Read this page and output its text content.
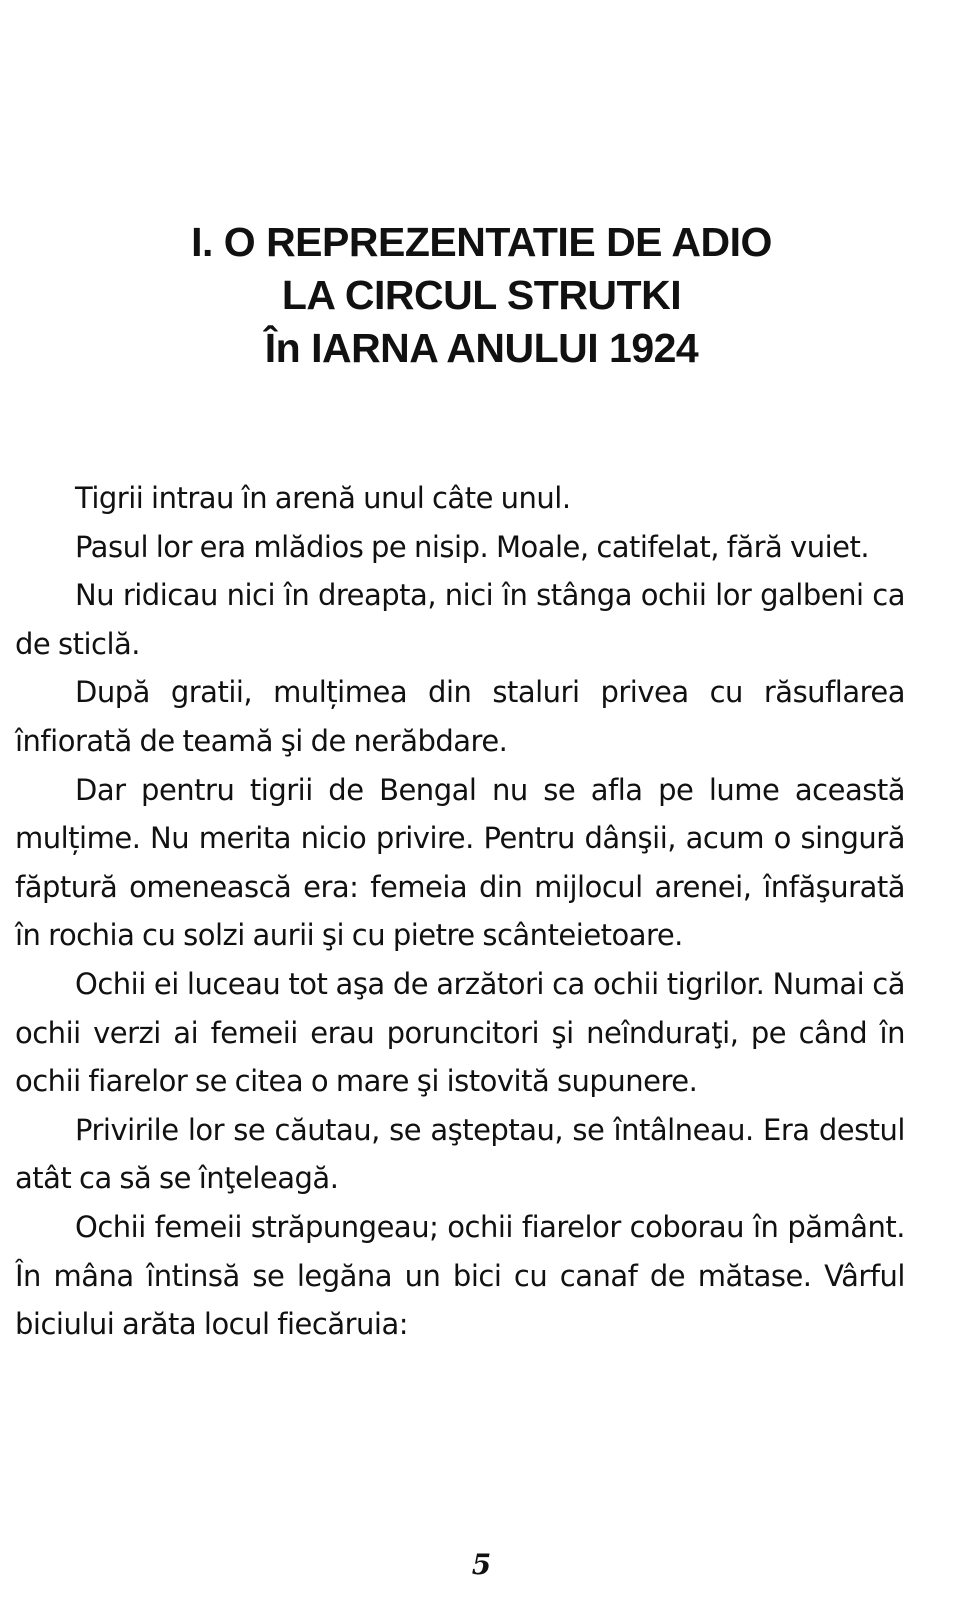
I. O REPREZENTATIE DE ADIO
LA CIRCUL STRUTKI
În IARNA ANULUI 1924

Tigrii intrau în arenă unul câte unul.

Pasul lor era mlădios pe nisip. Moale, catifelat, fără vuiet.

Nu ridicau nici în dreapta, nici în stânga ochii lor galbeni ca de sticlă.

După gratii, mulțimea din staluri privea cu răsuflarea înfiorată de teamă şi de nerăbdare.

Dar pentru tigrii de Bengal nu se afla pe lume această mulțime. Nu merita nicio privire. Pentru dânşii, acum o singură făptură omenească era: femeia din mijlocul arenei, înfăşurată în rochia cu solzi aurii şi cu pietre scânteietoare.

Ochii ei luceau tot aşa de arzători ca ochii tigrilor. Numai că ochii verzi ai femeii erau poruncitori şi neînduraţi, pe când în ochii fiarelor se citea o mare şi istovită supunere.

Privirile lor se căutau, se aşteptau, se întâlneau. Era destul atât ca să se înţeleagă.

Ochii femeii străpungeau; ochii fiarelor coborau în pământ. În mâna întinsă se legăna un bici cu canaf de mătase. Vârful biciului arăta locul fiecăruia:

5
